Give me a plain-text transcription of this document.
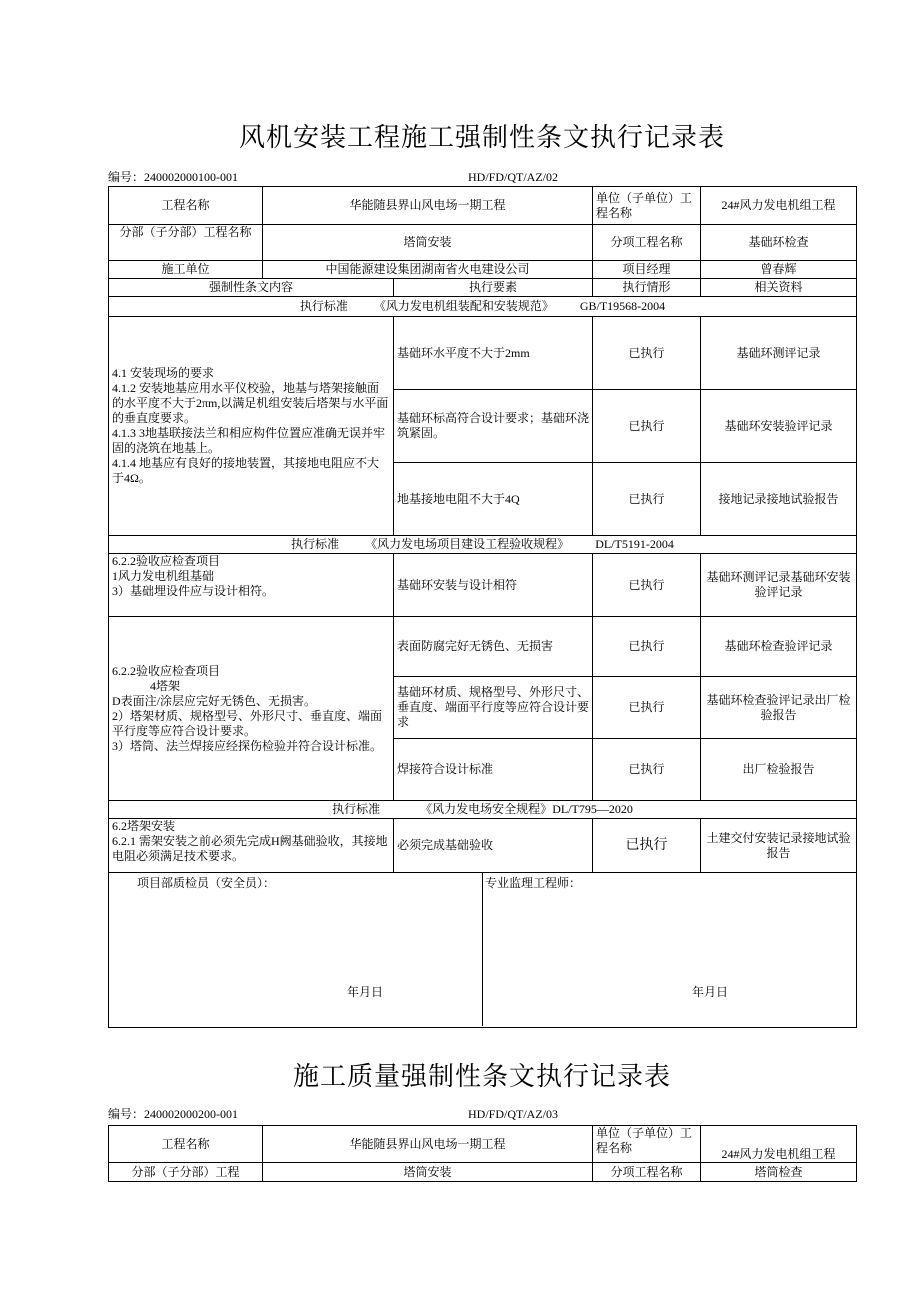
风机安装工程施工强制性条文执行记录表
编号：240002000100-001	HD/FD/QT/AZ/02
工程名称	华能随县界山风电场一期工程		单位（子单位）工程名称	24#风力发电机组工程
分部（子分部）工程名称	塔筒安装		分项工程名称	基础环检查
施工单位	中国能源建设集团湖南省火电建设公司		项目经理	曾春辉
强制性条文内容		执行要素	执行情形	相关资料

执行标准 《风力发电机组装配和安装规范》 GB/T19568-2004				

4.1 安装现场的要求

4.1.2 安装地基应用水平仪校验，地基与塔架接触面的水平度不大于2πm,以满足机组安装后塔架与水平面的垂直度要求。

4.1.3 3地基联接法兰和相应构件位置应准确无误并牢固的浇筑在地基上。

4.1.4 地基应有良好的接地装置，其接地电阻应不大于4Ω。		基础环水平度不大于2mm	已执行	基础环测评记录
		基础环标高符合设计要求；基础环浇筑紧固。	已执行	基础环安装验评记录
		地基接地电阻不大于4Q	已执行	接地记录接地试验报告

执行标准 《风力发电场项目建设工程验收规程》 DL/T5191-2004				

6.2.2验收应检查项目

1风力发电机组基础

3）基础埋设件应与设计相符。		基础环安装与设计相符	已执行	基础环测评记录基础环安装验评记录

6.2.2验收应检查项目

4塔架

D表面注/涂层应完好无锈色、无损害。

2）塔架材质、规格型号、外形尺寸、垂直度、端面平行度等应符合设计要求。

3）塔筒、法兰焊接应经探伤检验并符合设计标准。		表面防腐完好无锈色、无损害	已执行	基础环检查验评记录
		基础环材质、规格型号、外形尺寸、垂直度、端面平行度等应符合设计要求	已执行	基础环检查验评记录出厂检验报告
		焊接符合设计标准	已执行	出厂检验报告

执行标准 《风力发电场安全规程》 DL/T795—2020				

6.2塔架安装

6.2.1 需架安装之前必须先完成H阙基础验收，其接地电阻必须满足技术要求。		必须完成基础验收	已执行	土建交付安装记录接地试验报告

项目部质检员（安全员）：
年月日
专业监理工程师：
年月日				
施工质量强制性条文执行记录表
编号：240002000200-001	HD/FD/QT/AZ/03
工程名称	华能随县界山风电场一期工程	单位（子单位）工程名称	24#风力发电机组工程
分部（子分部）工程	塔筒安装	分项工程名称	塔筒检查
